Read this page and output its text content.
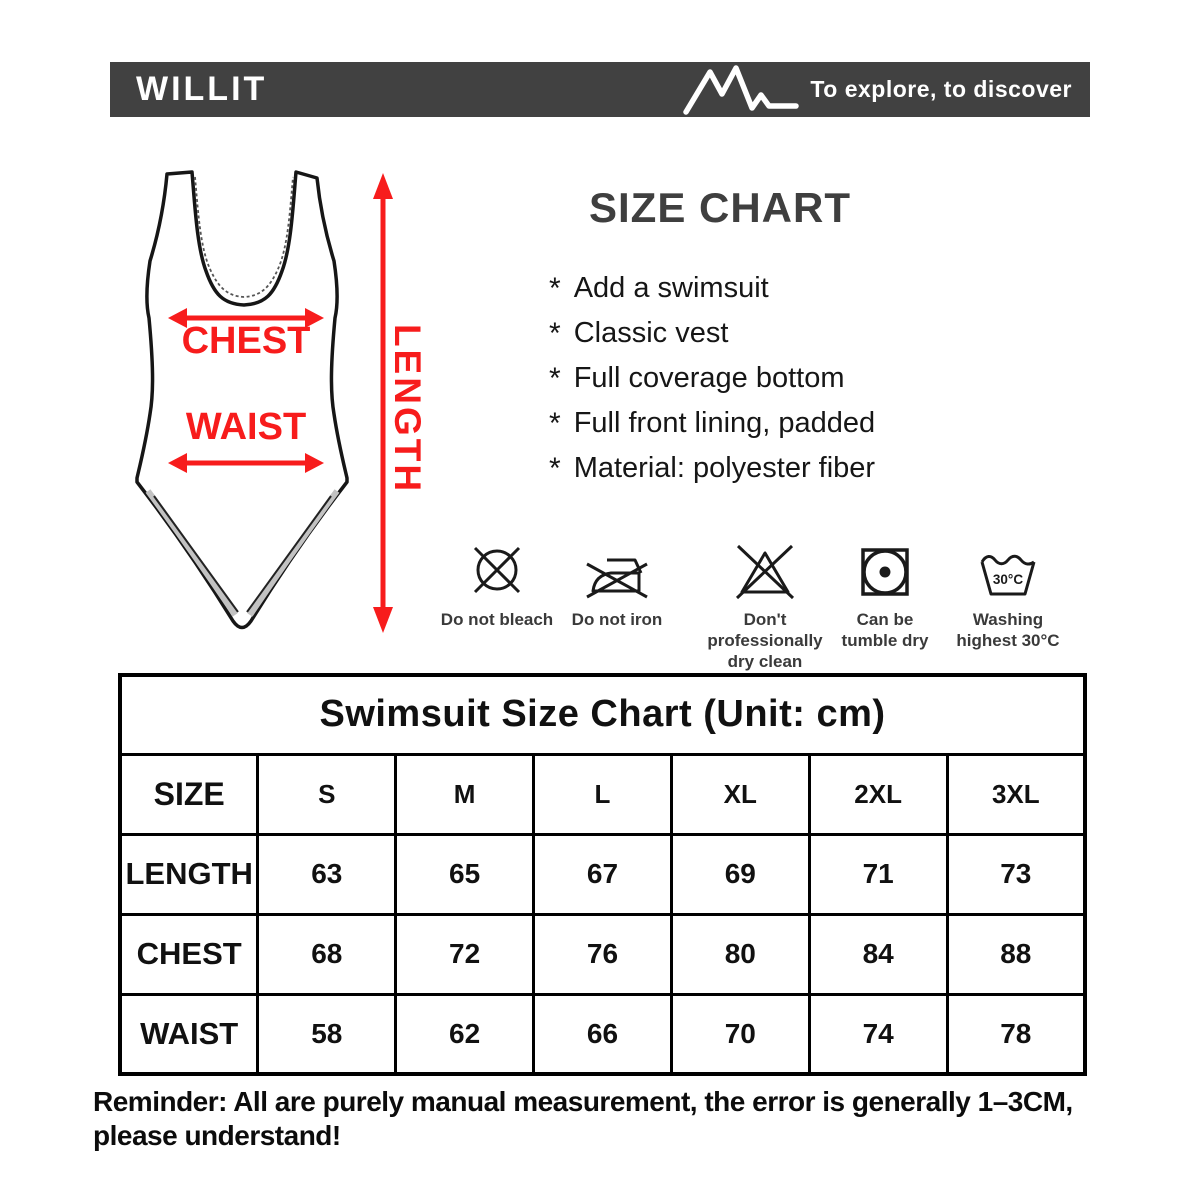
WILLIT	To explore, to discover
CHEST
WAIST	LENGTH
SIZE CHART
* Add a swimsuit
* Classic vest
* Full coverage bottom
* Full front lining, padded
* Material: polyester fiber
Do not bleach	Do not iron	Don't professionally
dry clean
Can be
tumble dry
30°C
Washing
highest 30°C
Swimsuit Size Chart (Unit: cm)						
SIZE	S	M	L	XL	2XL	3XL
LENGTH	63	65	67	69	71	73
CHEST	68	72	76	80	84	88
WAIST	58	62	66	70	74	78
Reminder: All are purely manual measurement, the error is generally 1–3CM,
please understand!
